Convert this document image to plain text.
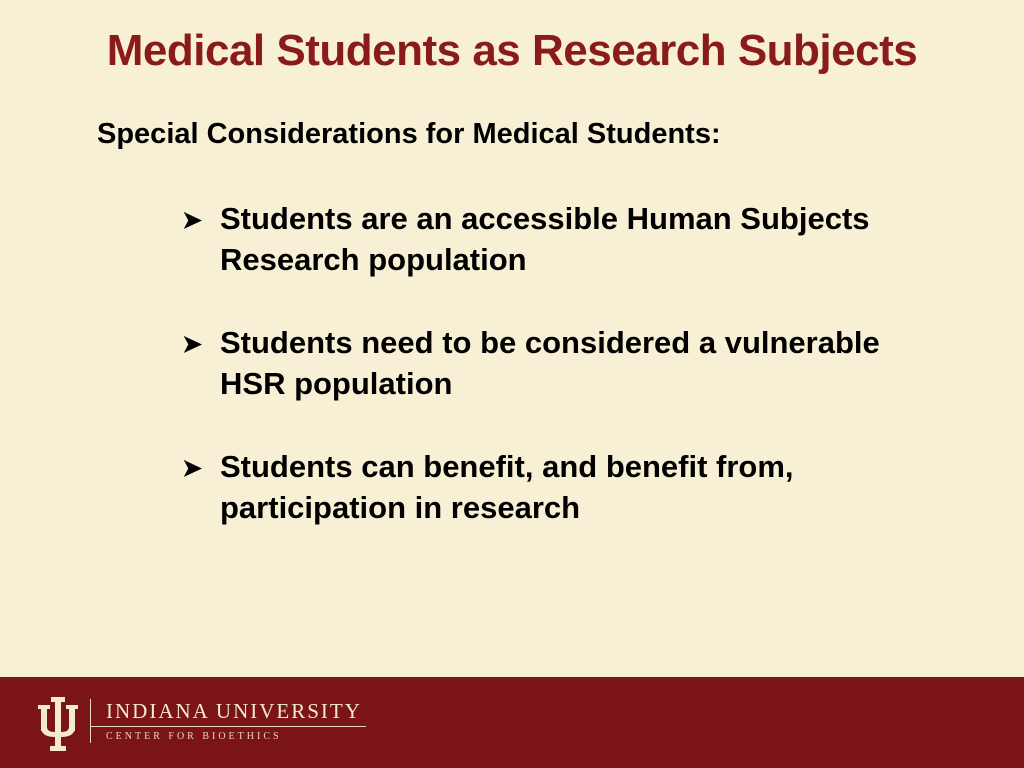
Medical Students as Research Subjects

Special Considerations for Medical Students:

➤ Students are an accessible Human Subjects Research population
➤ Students need to be considered a vulnerable HSR population
➤ Students can benefit, and benefit from, participation in research

INDIANA UNIVERSITY

CENTER FOR BIOETHICS
